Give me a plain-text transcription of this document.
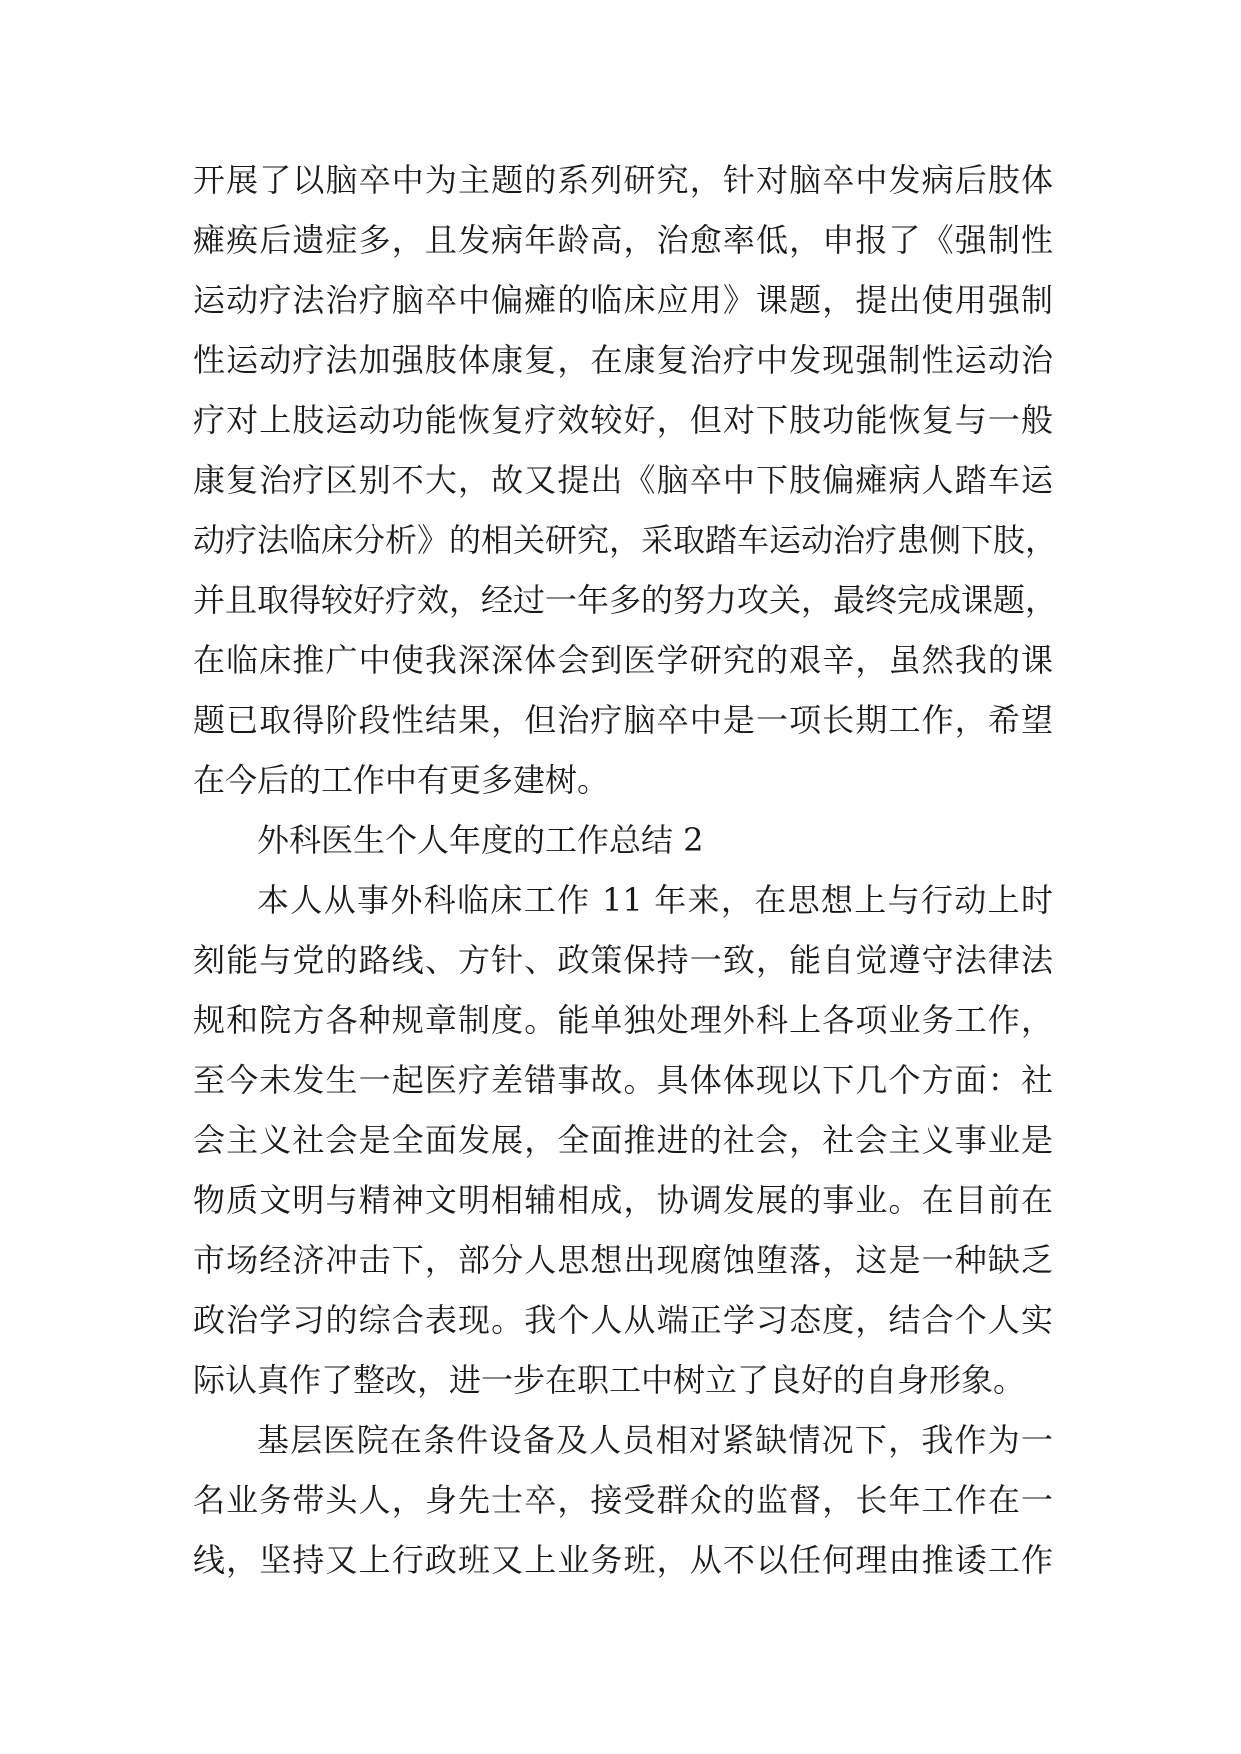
开展了以脑卒中为主题的系列研究，针对脑卒中发病后肢体
瘫痪后遗症多，且发病年龄高，治愈率低，申报了《强制性
运动疗法治疗脑卒中偏瘫的临床应用》课题，提出使用强制
性运动疗法加强肢体康复，在康复治疗中发现强制性运动治
疗对上肢运动功能恢复疗效较好，但对下肢功能恢复与一般
康复治疗区别不大，故又提出《脑卒中下肢偏瘫病人踏车运
动疗法临床分析》的相关研究，采取踏车运动治疗患侧下肢，
并且取得较好疗效，经过一年多的努力攻关，最终完成课题，
在临床推广中使我深深体会到医学研究的艰辛，虽然我的课
题已取得阶段性结果，但治疗脑卒中是一项长期工作，希望
在今后的工作中有更多建树。
外科医生个人年度的工作总结 2
本人从事外科临床工作 11 年来，在思想上与行动上时
刻能与党的路线、方针、政策保持一致，能自觉遵守法律法
规和院方各种规章制度。能单独处理外科上各项业务工作，
至今未发生一起医疗差错事故。具体体现以下几个方面：社
会主义社会是全面发展，全面推进的社会，社会主义事业是
物质文明与精神文明相辅相成，协调发展的事业。在目前在
市场经济冲击下，部分人思想出现腐蚀堕落，这是一种缺乏
政治学习的综合表现。我个人从端正学习态度，结合个人实
际认真作了整改，进一步在职工中树立了良好的自身形象。
基层医院在条件设备及人员相对紧缺情况下，我作为一
名业务带头人，身先士卒，接受群众的监督，长年工作在一
线，坚持又上行政班又上业务班，从不以任何理由推诿工作
